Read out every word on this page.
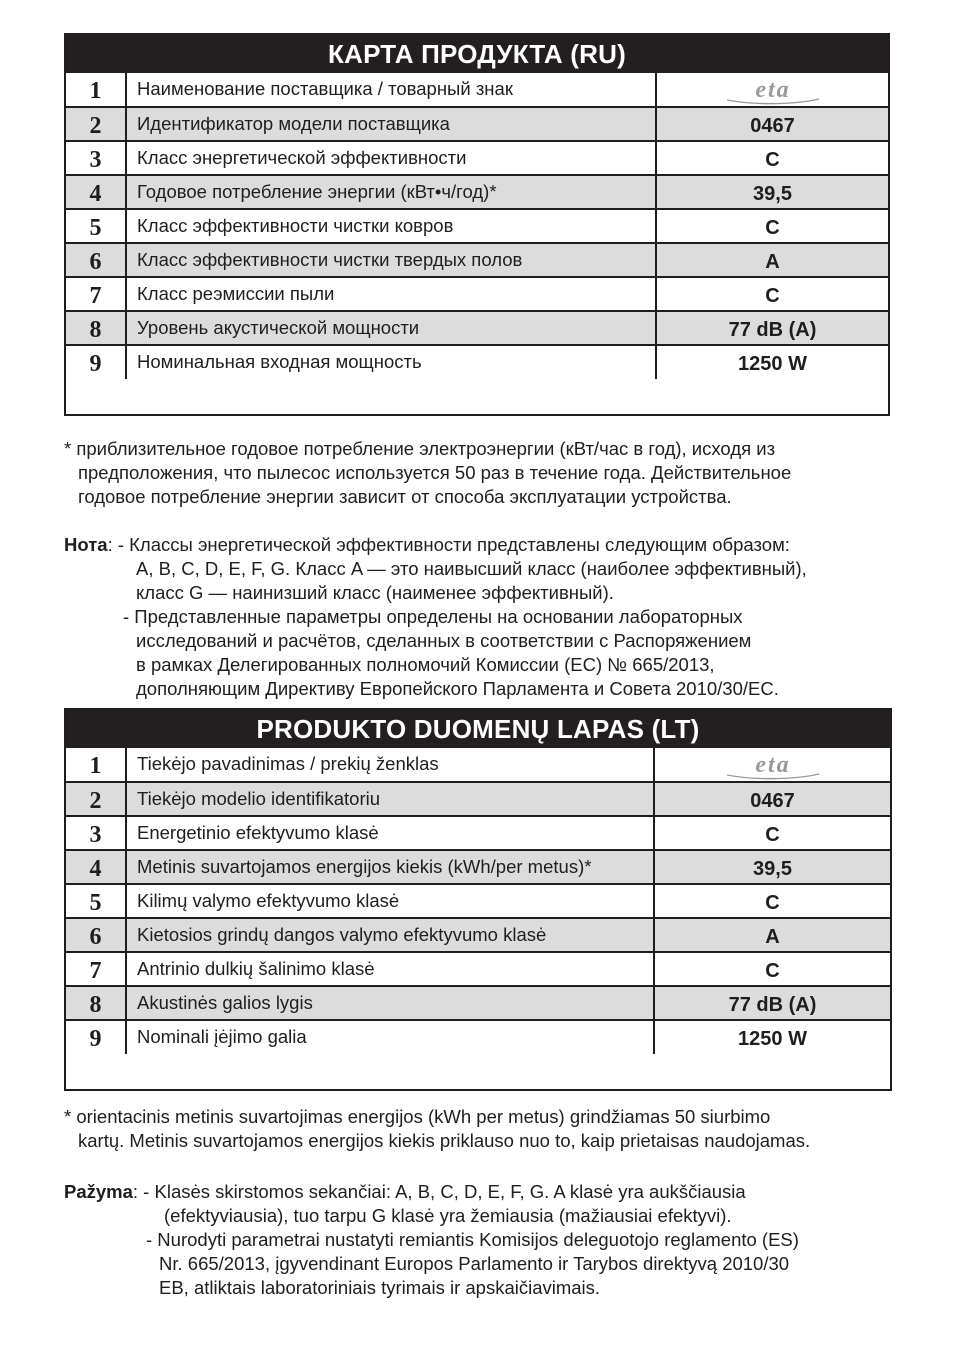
КАРТА ПРОДУКТА (RU)
1	Наименование поставщика / товарный знак	eta

2	Идентификатор модели поставщика	0467
3	Класс энергетической эффективности	C
4	Годовое потребление энергии (кВт•ч/год)*	39,5
5	Класс эффективности чистки ковров	C
6	Класс эффективности чистки твердых полов	A
7	Класс реэмиссии пыли	C
8	Уровень акустической мощности	77 dB (A)
9	Номинальная входная мощность	1250 W
* приблизительное годовое потребление электроэнергии (кВт/час в год), исходя из
предположения, что пылесос используется 50 раз в течение года. Действительное
годовое потребление энергии зависит от способа эксплуатации устройства.
Нота: - Классы энергетической эффективности представлены следующим образом:
A, B, C, D, E, F, G. Класс A — это наивысший класс (наиболее эффективный),
класс G — наинизший класс (наименее эффективный).
- Представленные параметры определены на основании лабораторных
исследований и расчётов, сделанных в соответствии с Распоряжением
в рамках Делегированных полномочий Комиссии (ЕС) № 665/2013,
дополняющим Директиву Европейского Парламента и Совета 2010/30/ЕС.
PRODUKTO DUOMENŲ LAPAS (LT)
1	Tiekėjo pavadinimas / prekių ženklas	eta

2	Tiekėjo modelio identifikatoriu	0467
3	Energetinio efektyvumo klasė	C
4	Metinis suvartojamos energijos kiekis (kWh/per metus)*	39,5
5	Kilimų valymo efektyvumo klasė	C
6	Kietosios grindų dangos valymo efektyvumo klasė	A
7	Antrinio dulkių šalinimo klasė	C
8	Akustinės galios lygis	77 dB (A)
9	Nominali įėjimo galia	1250 W
* orientacinis metinis suvartojimas energijos (kWh per metus) grindžiamas 50 siurbimo
kartų. Metinis suvartojamos energijos kiekis priklauso nuo to, kaip prietaisas naudojamas.
Pažyma: - Klasės skirstomos sekančiai: A, B, C, D, E, F, G. A klasė yra aukščiausia
(efektyviausia), tuo tarpu G klasė yra žemiausia (mažiausiai efektyvi).
- Nurodyti parametrai nustatyti remiantis Komisijos deleguotojo reglamento (ES)
Nr. 665/2013, įgyvendinant Europos Parlamento ir Tarybos direktyvą 2010/30
EB, atliktais laboratoriniais tyrimais ir apskaičiavimais.
